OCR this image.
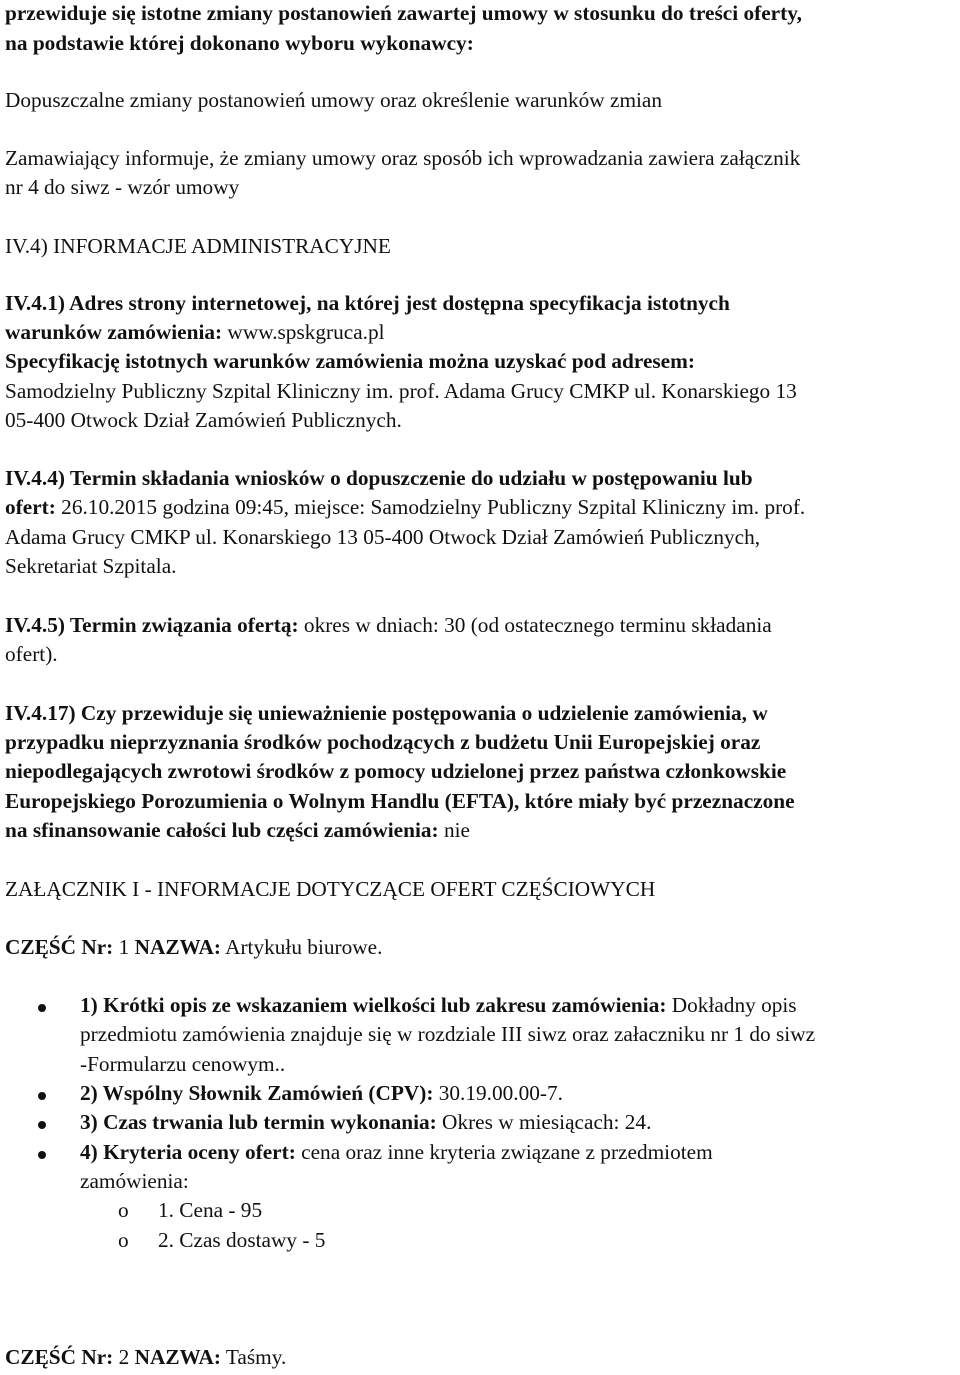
przewiduje się istotne zmiany postanowień zawartej umowy w stosunku do treści oferty,

na podstawie której dokonano wyboru wykonawcy:

Dopuszczalne zmiany postanowień umowy oraz określenie warunków zmian

Zamawiający informuje, że zmiany umowy oraz sposób ich wprowadzania zawiera załącznik

nr 4 do siwz - wzór umowy

IV.4) INFORMACJE ADMINISTRACYJNE

IV.4.1) Adres strony internetowej, na której jest dostępna specyfikacja istotnych

warunków zamówienia: www.spskgruca.pl

Specyfikację istotnych warunków zamówienia można uzyskać pod adresem:

Samodzielny Publiczny Szpital Kliniczny im. prof. Adama Grucy CMKP ul. Konarskiego 13

05-400 Otwock Dział Zamówień Publicznych.

IV.4.4) Termin składania wniosków o dopuszczenie do udziału w postępowaniu lub

ofert: 26.10.2015 godzina 09:45, miejsce: Samodzielny Publiczny Szpital Kliniczny im. prof.

Adama Grucy CMKP ul. Konarskiego 13 05-400 Otwock Dział Zamówień Publicznych,

Sekretariat Szpitala.

IV.4.5) Termin związania ofertą: okres w dniach: 30 (od ostatecznego terminu składania

ofert).

IV.4.17) Czy przewiduje się unieważnienie postępowania o udzielenie zamówienia, w

przypadku nieprzyznania środków pochodzących z budżetu Unii Europejskiej oraz

niepodlegających zwrotowi środków z pomocy udzielonej przez państwa członkowskie

Europejskiego Porozumienia o Wolnym Handlu (EFTA), które miały być przeznaczone

na sfinansowanie całości lub części zamówienia: nie

ZAŁĄCZNIK I - INFORMACJE DOTYCZĄCE OFERT CZĘŚCIOWYCH

CZĘŚĆ Nr: 1 NAZWA: Artykułu biurowe.

1) Krótki opis ze wskazaniem wielkości lub zakresu zamówienia: Dokładny opis

przedmiotu zamówienia znajduje się w rozdziale III siwz oraz załaczniku nr 1 do siwz

-Formularzu cenowym..

2) Wspólny Słownik Zamówień (CPV): 30.19.00.00-7.

3) Czas trwania lub termin wykonania: Okres w miesiącach: 24.

4) Kryteria oceny ofert: cena oraz inne kryteria związane z przedmiotem

zamówienia:

o 1. Cena - 95

o 2. Czas dostawy - 5

CZĘŚĆ Nr: 2 NAZWA: Taśmy.
